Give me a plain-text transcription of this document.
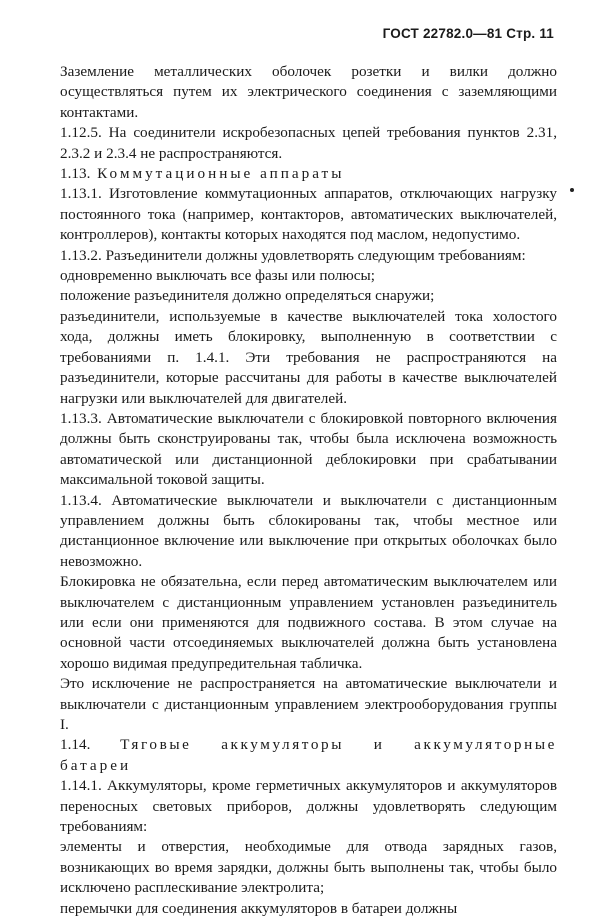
ГОСТ 22782.0—81 Стр. 11

Заземление металлических оболочек розетки и вилки должно осуществляться путем их электрического соединения с заземляющими контактами.

1.12.5. На соединители искробезопасных цепей требования пунктов 2.31, 2.3.2 и 2.3.4 не распространяются.

1.13. Коммутационные аппараты

1.13.1. Изготовление коммутационных аппаратов, отключающих нагрузку постоянного тока (например, контакторов, автоматических выключателей, контроллеров), контакты которых находятся под маслом, недопустимо.

1.13.2. Разъединители должны удовлетворять следующим требованиям:

одновременно выключать все фазы или полюсы;

положение разъединителя должно определяться снаружи;

разъединители, используемые в качестве выключателей тока холостого хода, должны иметь блокировку, выполненную в соответствии с требованиями п. 1.4.1. Эти требования не распространяются на разъединители, которые рассчитаны для работы в качестве выключателей нагрузки или выключателей для двигателей.

1.13.3. Автоматические выключатели с блокировкой повторного включения должны быть сконструированы так, чтобы была исключена возможность автоматической или дистанционной деблокировки при срабатывании максимальной токовой защиты.

1.13.4. Автоматические выключатели и выключатели с дистанционным управлением должны быть сблокированы так, чтобы местное или дистанционное включение или выключение при открытых оболочках было невозможно.

Блокировка не обязательна, если перед автоматическим выключателем или выключателем с дистанционным управлением установлен разъединитель или если они применяются для подвижного состава. В этом случае на основной части отсоединяемых выключателей должна быть установлена хорошо видимая предупредительная табличка.

Это исключение не распространяется на автоматические выключатели и выключатели с дистанционным управлением электрооборудования группы I.

1.14. Тяговые аккумуляторы и аккумуляторные

батареи

1.14.1. Аккумуляторы, кроме герметичных аккумуляторов и аккумуляторов переносных световых приборов, должны удовлетворять следующим требованиям:

элементы и отверстия, необходимые для отвода зарядных газов, возникающих во время зарядки, должны быть выполнены так, чтобы было исключено расплескивание электролита;

перемычки для соединения аккумуляторов в батареи должны
